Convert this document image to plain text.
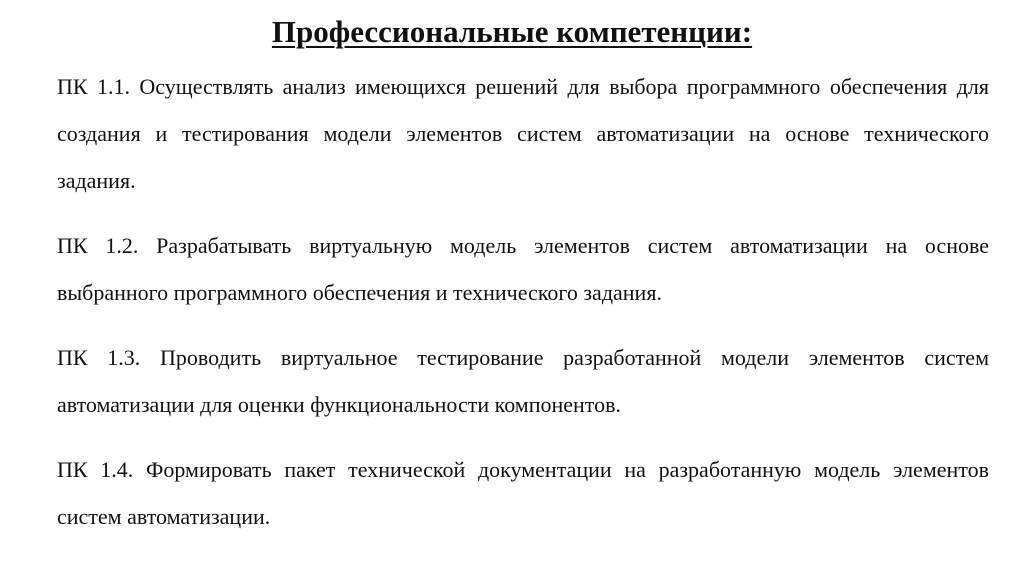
Профессиональные компетенции:

ПК 1.1. Осуществлять анализ имеющихся решений для выбора программного обеспечения для создания и тестирования модели элементов систем автоматизации на основе технического задания.

ПК 1.2. Разрабатывать виртуальную модель элементов систем автоматизации на основе выбранного программного обеспечения и технического задания.

ПК 1.3. Проводить виртуальное тестирование разработанной модели элементов систем автоматизации для оценки функциональности компонентов.

ПК 1.4. Формировать пакет технической документации на разработанную модель элементов систем автоматизации.
